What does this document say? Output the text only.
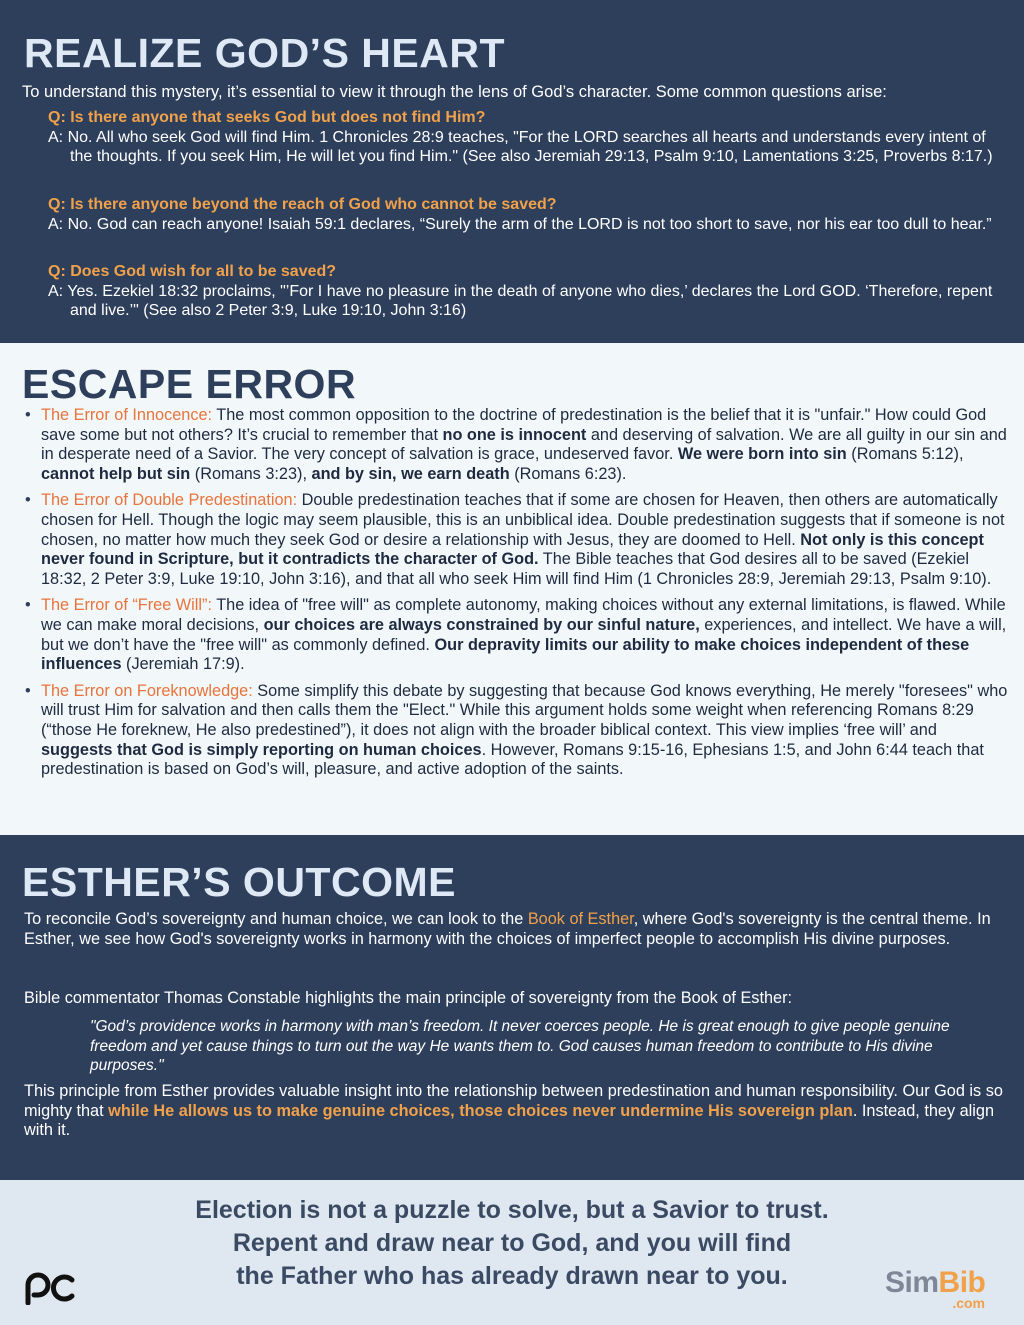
REALIZE GOD’S HEART
To understand this mystery, it’s essential to view it through the lens of God’s character. Some common questions arise:
Q: Is there anyone that seeks God but does not find Him?
A: No. All who seek God will find Him. 1 Chronicles 28:9 teaches, "For the LORD searches all hearts and understands every intent of the thoughts. If you seek Him, He will let you find Him." (See also Jeremiah 29:13, Psalm 9:10, Lamentations 3:25, Proverbs 8:17.)
Q: Is there anyone beyond the reach of God who cannot be saved?
A: No. God can reach anyone! Isaiah 59:1 declares, “Surely the arm of the LORD is not too short to save, nor his ear too dull to hear.”
Q: Does God wish for all to be saved?
A: Yes. Ezekiel 18:32 proclaims, "’For I have no pleasure in the death of anyone who dies,’ declares the Lord GOD. ‘Therefore, repent and live.’" (See also 2 Peter 3:9, Luke 19:10, John 3:16)
ESCAPE ERROR
• The Error of Innocence: The most common opposition to the doctrine of predestination is the belief that it is "unfair." How could God save some but not others? It’s crucial to remember that no one is innocent and deserving of salvation. We are all guilty in our sin and in desperate need of a Savior. The very concept of salvation is grace, undeserved favor. We were born into sin (Romans 5:12), cannot help but sin (Romans 3:23), and by sin, we earn death (Romans 6:23).
• The Error of Double Predestination: Double predestination teaches that if some are chosen for Heaven, then others are automatically chosen for Hell. Though the logic may seem plausible, this is an unbiblical idea. Double predestination suggests that if someone is not chosen, no matter how much they seek God or desire a relationship with Jesus, they are doomed to Hell. Not only is this concept never found in Scripture, but it contradicts the character of God. The Bible teaches that God desires all to be saved (Ezekiel 18:32, 2 Peter 3:9, Luke 19:10, John 3:16), and that all who seek Him will find Him (1 Chronicles 28:9, Jeremiah 29:13, Psalm 9:10).
• The Error of “Free Will”: The idea of "free will" as complete autonomy, making choices without any external limitations, is flawed. While we can make moral decisions, our choices are always constrained by our sinful nature, experiences, and intellect. We have a will, but we don’t have the "free will" as commonly defined. Our depravity limits our ability to make choices independent of these influences (Jeremiah 17:9).
• The Error on Foreknowledge: Some simplify this debate by suggesting that because God knows everything, He merely "foresees" who will trust Him for salvation and then calls them the "Elect." While this argument holds some weight when referencing Romans 8:29 (“those He foreknew, He also predestined”), it does not align with the broader biblical context. This view implies ‘free will’ and suggests that God is simply reporting on human choices. However, Romans 9:15-16, Ephesians 1:5, and John 6:44 teach that predestination is based on God’s will, pleasure, and active adoption of the saints.
ESTHER’S OUTCOME
To reconcile God’s sovereignty and human choice, we can look to the Book of Esther, where God's sovereignty is the central theme. In Esther, we see how God's sovereignty works in harmony with the choices of imperfect people to accomplish His divine purposes.
Bible commentator Thomas Constable highlights the main principle of sovereignty from the Book of Esther:
"God’s providence works in harmony with man’s freedom. It never coerces people. He is great enough to give people genuine freedom and yet cause things to turn out the way He wants them to. God causes human freedom to contribute to His divine purposes."
This principle from Esther provides valuable insight into the relationship between predestination and human responsibility. Our God is so mighty that while He allows us to make genuine choices, those choices never undermine His sovereign plan. Instead, they align with it.
Election is not a puzzle to solve, but a Savior to trust.
Repent and draw near to God, and you will find
the Father who has already drawn near to you.	SimBib
.com
